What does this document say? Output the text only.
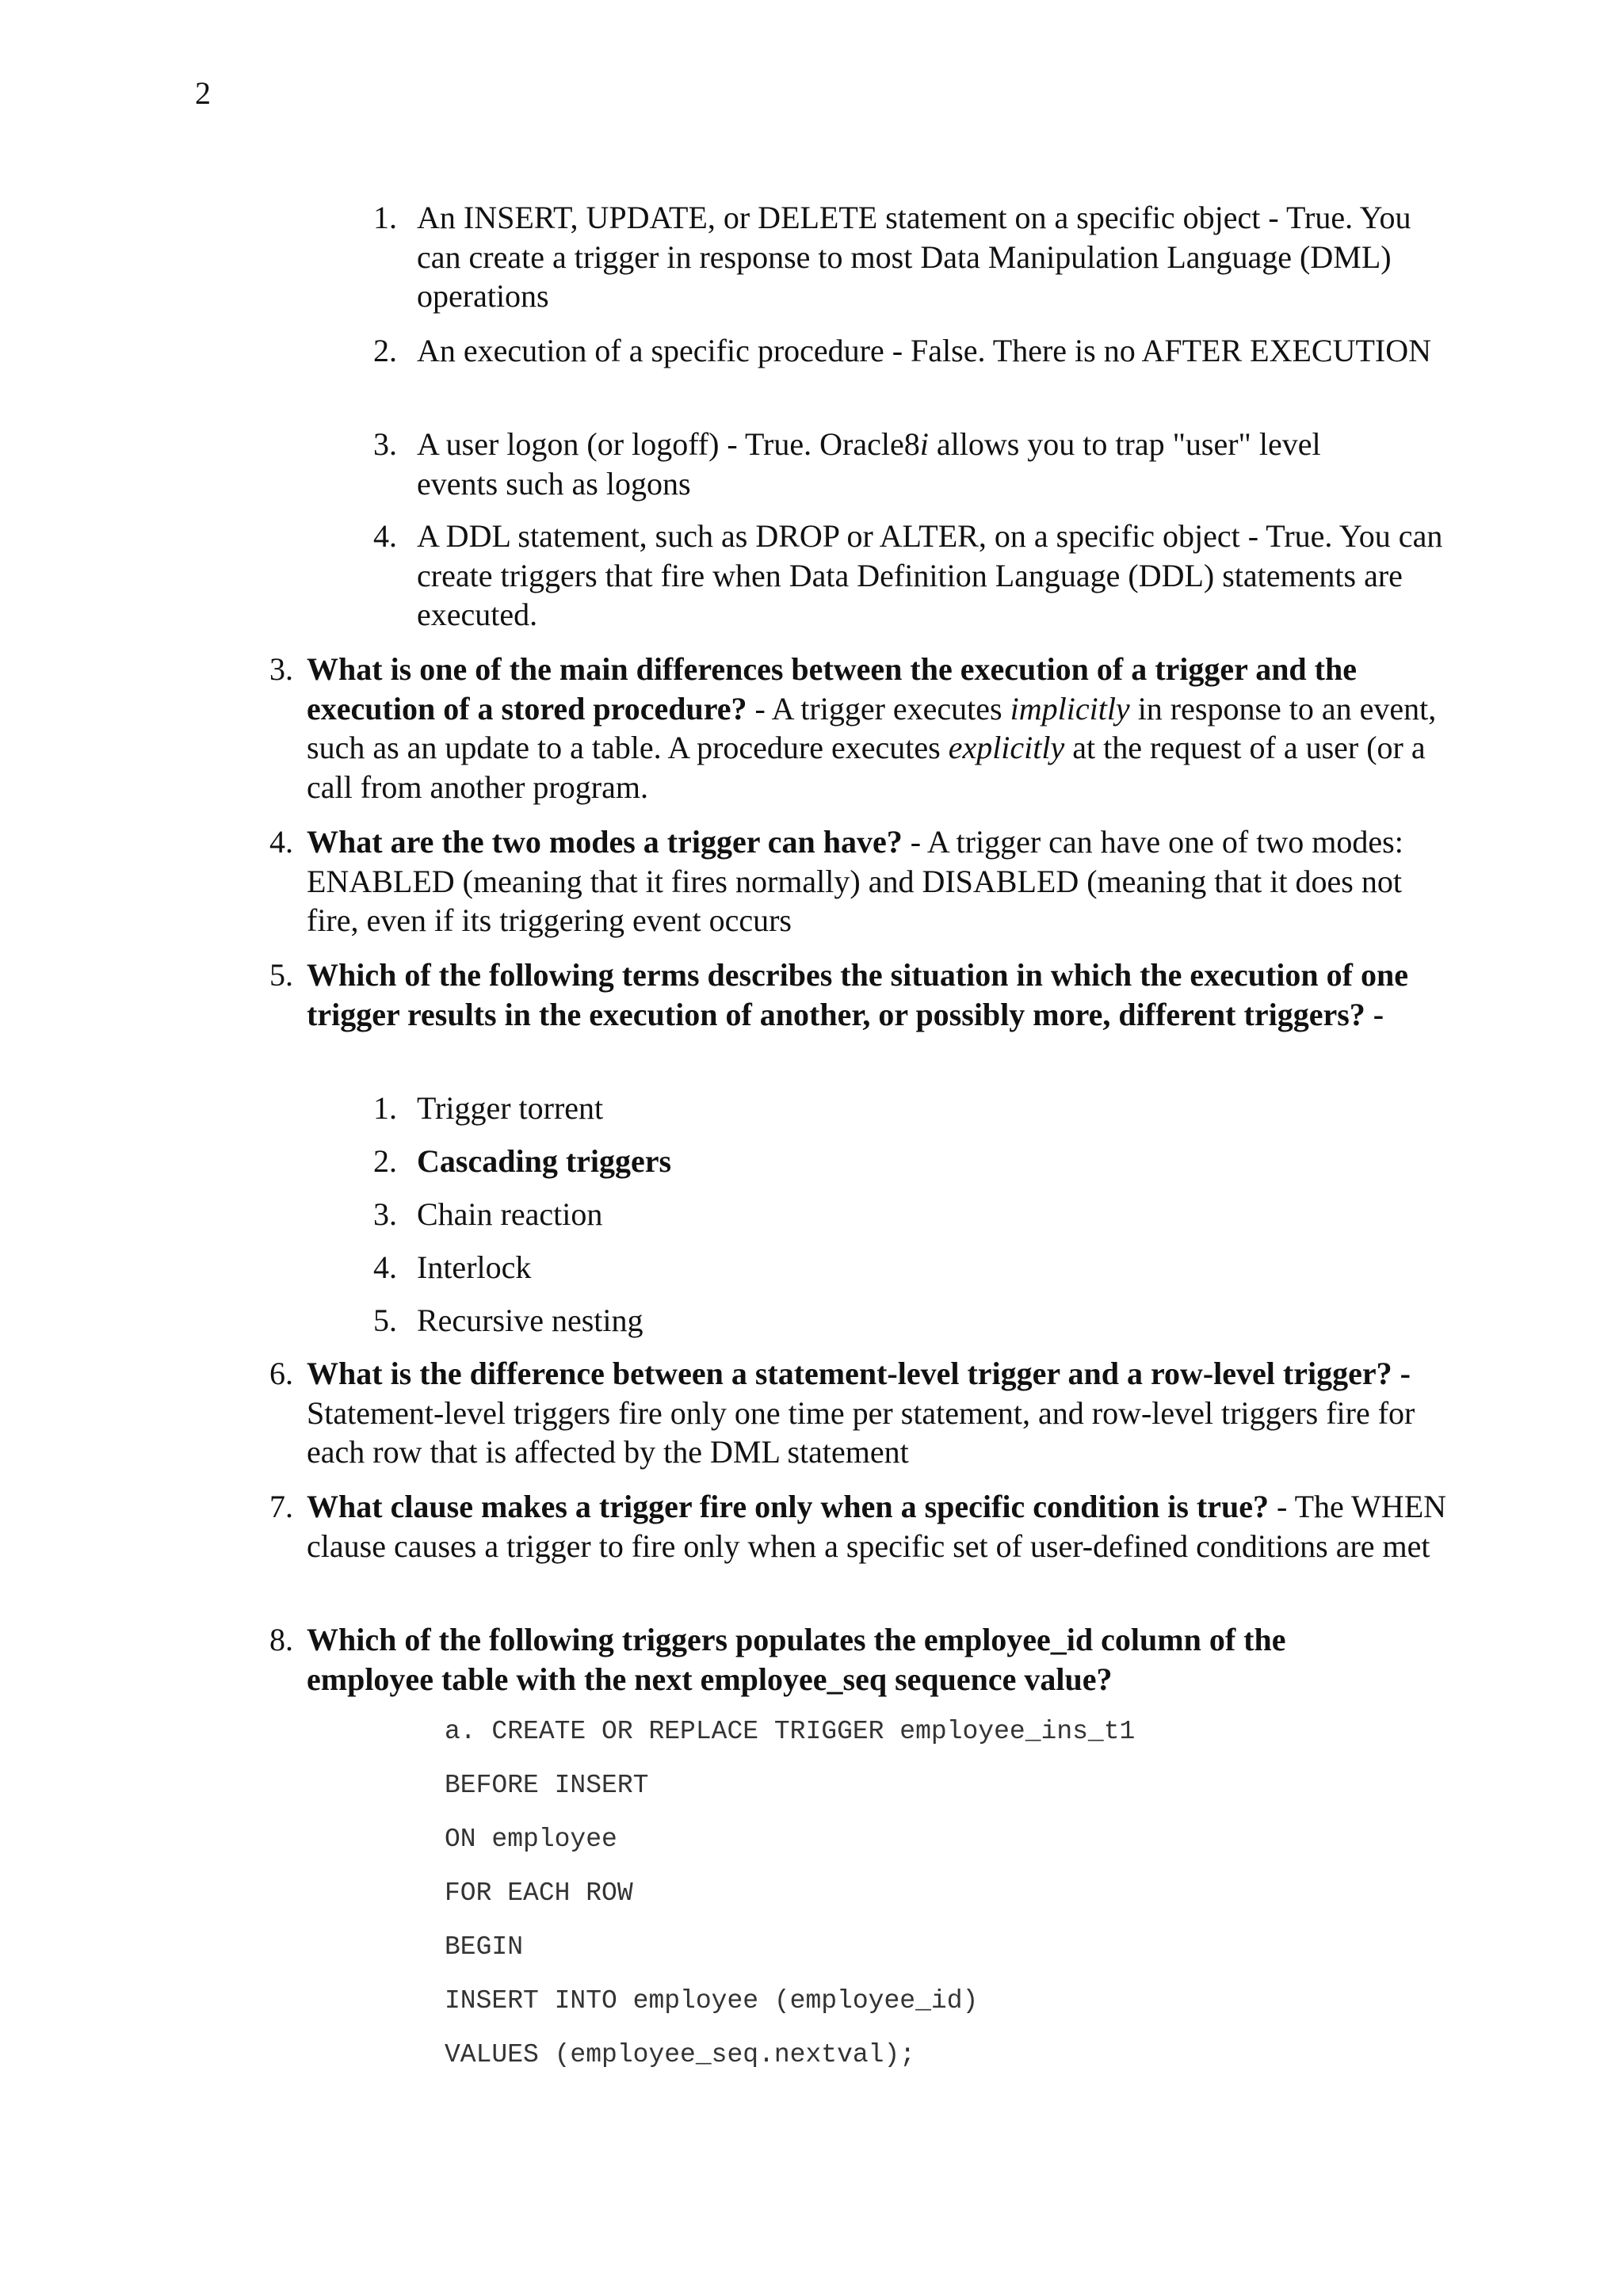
2
1. An INSERT, UPDATE, or DELETE statement on a specific object - True. You can create a trigger in response to most Data Manipulation Language (DML) operations
2. An execution of a specific procedure - False. There is no AFTER EXECUTION
3. A user logon (or logoff) - True. Oracle8i allows you to trap "user" level events such as logons
4. A DDL statement, such as DROP or ALTER, on a specific object - True. You can create triggers that fire when Data Definition Language (DDL) statements are executed.
3. What is one of the main differences between the execution of a trigger and the execution of a stored procedure? - A trigger executes implicitly in response to an event, such as an update to a table. A procedure executes explicitly at the request of a user (or a call from another program.
4. What are the two modes a trigger can have? - A trigger can have one of two modes: ENABLED (meaning that it fires normally) and DISABLED (meaning that it does not fire, even if its triggering event occurs
5. Which of the following terms describes the situation in which the execution of one trigger results in the execution of another, or possibly more, different triggers? -
1. Trigger torrent
2. Cascading triggers
3. Chain reaction
4. Interlock
5. Recursive nesting
6. What is the difference between a statement-level trigger and a row-level trigger? - Statement-level triggers fire only one time per statement, and row-level triggers fire for each row that is affected by the DML statement
7. What clause makes a trigger fire only when a specific condition is true? - The WHEN clause causes a trigger to fire only when a specific set of user-defined conditions are met
8. Which of the following triggers populates the employee_id column of the employee table with the next employee_seq sequence value?
a. CREATE OR REPLACE TRIGGER employee_ins_t1
BEFORE INSERT
ON employee
FOR EACH ROW
BEGIN
INSERT INTO employee (employee_id)
VALUES (employee_seq.nextval);
